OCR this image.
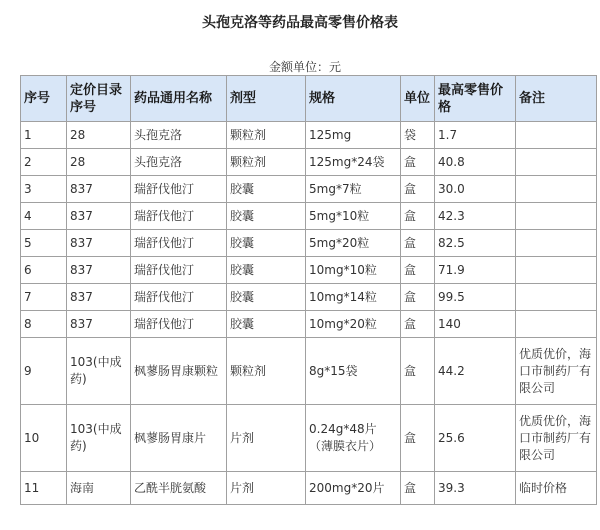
头孢克洛等药品最高零售价格表
金额单位：元
序号	定价目录序号	药品通用名称	剂型	规格	单位	最高零售价格	备注
1	28	头孢克洛	颗粒剂	125mg	袋	1.7	
2	28	头孢克洛	颗粒剂	125mg*24袋	盒	40.8	
3	837	瑞舒伐他汀	胶囊	5mg*7粒	盒	30.0	
4	837	瑞舒伐他汀	胶囊	5mg*10粒	盒	42.3	
5	837	瑞舒伐他汀	胶囊	5mg*20粒	盒	82.5	
6	837	瑞舒伐他汀	胶囊	10mg*10粒	盒	71.9	
7	837	瑞舒伐他汀	胶囊	10mg*14粒	盒	99.5	
8	837	瑞舒伐他汀	胶囊	10mg*20粒	盒	140	
9	103(中成药)	枫蓼肠胃康颗粒	颗粒剂	8g*15袋	盒	44.2	优质优价，海口市制药厂有限公司
10	103(中成药)	枫蓼肠胃康片	片剂	0.24g*48片（薄膜衣片）	盒	25.6	优质优价，海口市制药厂有限公司
11	海南	乙酰半胱氨酸	片剂	200mg*20片	盒	39.3	临时价格
